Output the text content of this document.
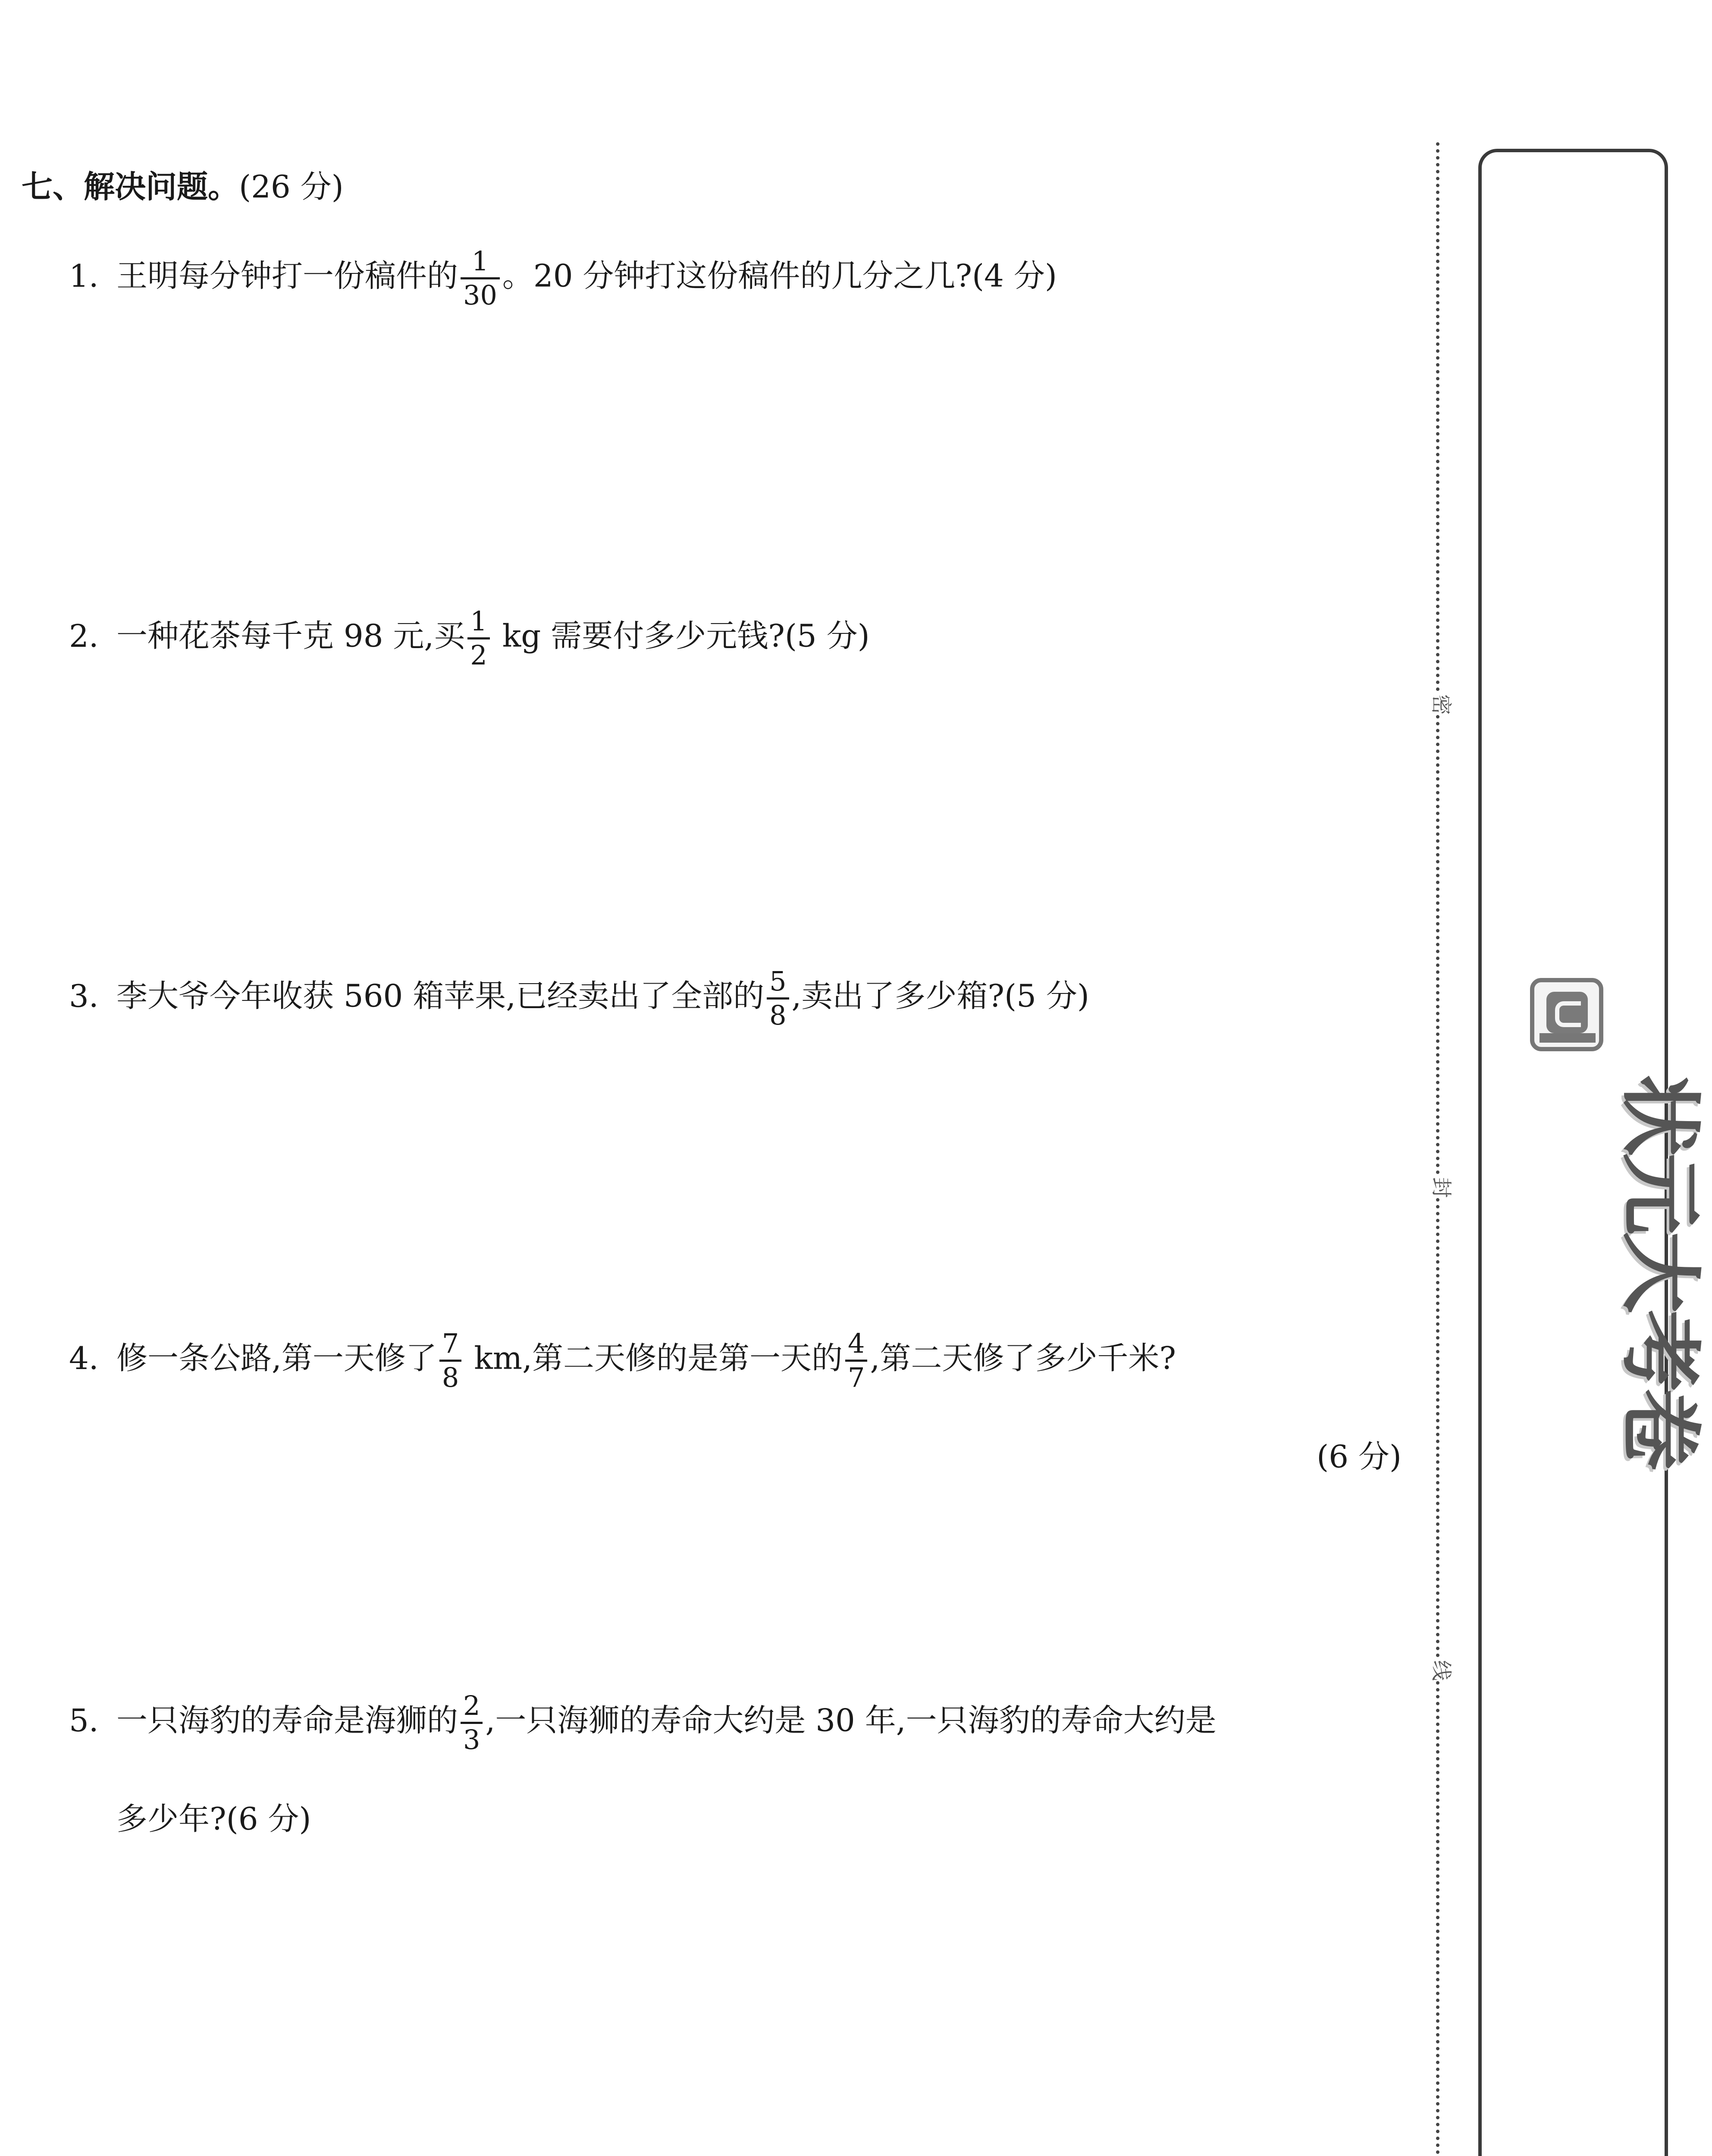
七、解决问题。(26 分)
1. 王明每分钟打一份稿件的 $\frac{1}{30}$ 。20 分钟打这份稿件的几分之几?(4 分)
2. 一种花茶每千克 98 元,买 $\frac{1}{2}$ kg 需要付多少元钱?(5 分)
3. 李大爷今年收获 560 箱苹果,已经卖出了全部的 $\frac{5}{8}$ ,卖出了多少箱?(5 分)
4. 修一条公路,第一天修了 $\frac{7}{8}$ km,第二天修的是第一天的 $\frac{4}{7}$ ,第二天修了多少千米?
(6 分)
5. 一只海豹的寿命是海狮的 $\frac{2}{3}$ ,一只海狮的寿命大约是 30 年,一只海豹的寿命大约是
多少年?(6 分)
密
封
线
状元大考卷
